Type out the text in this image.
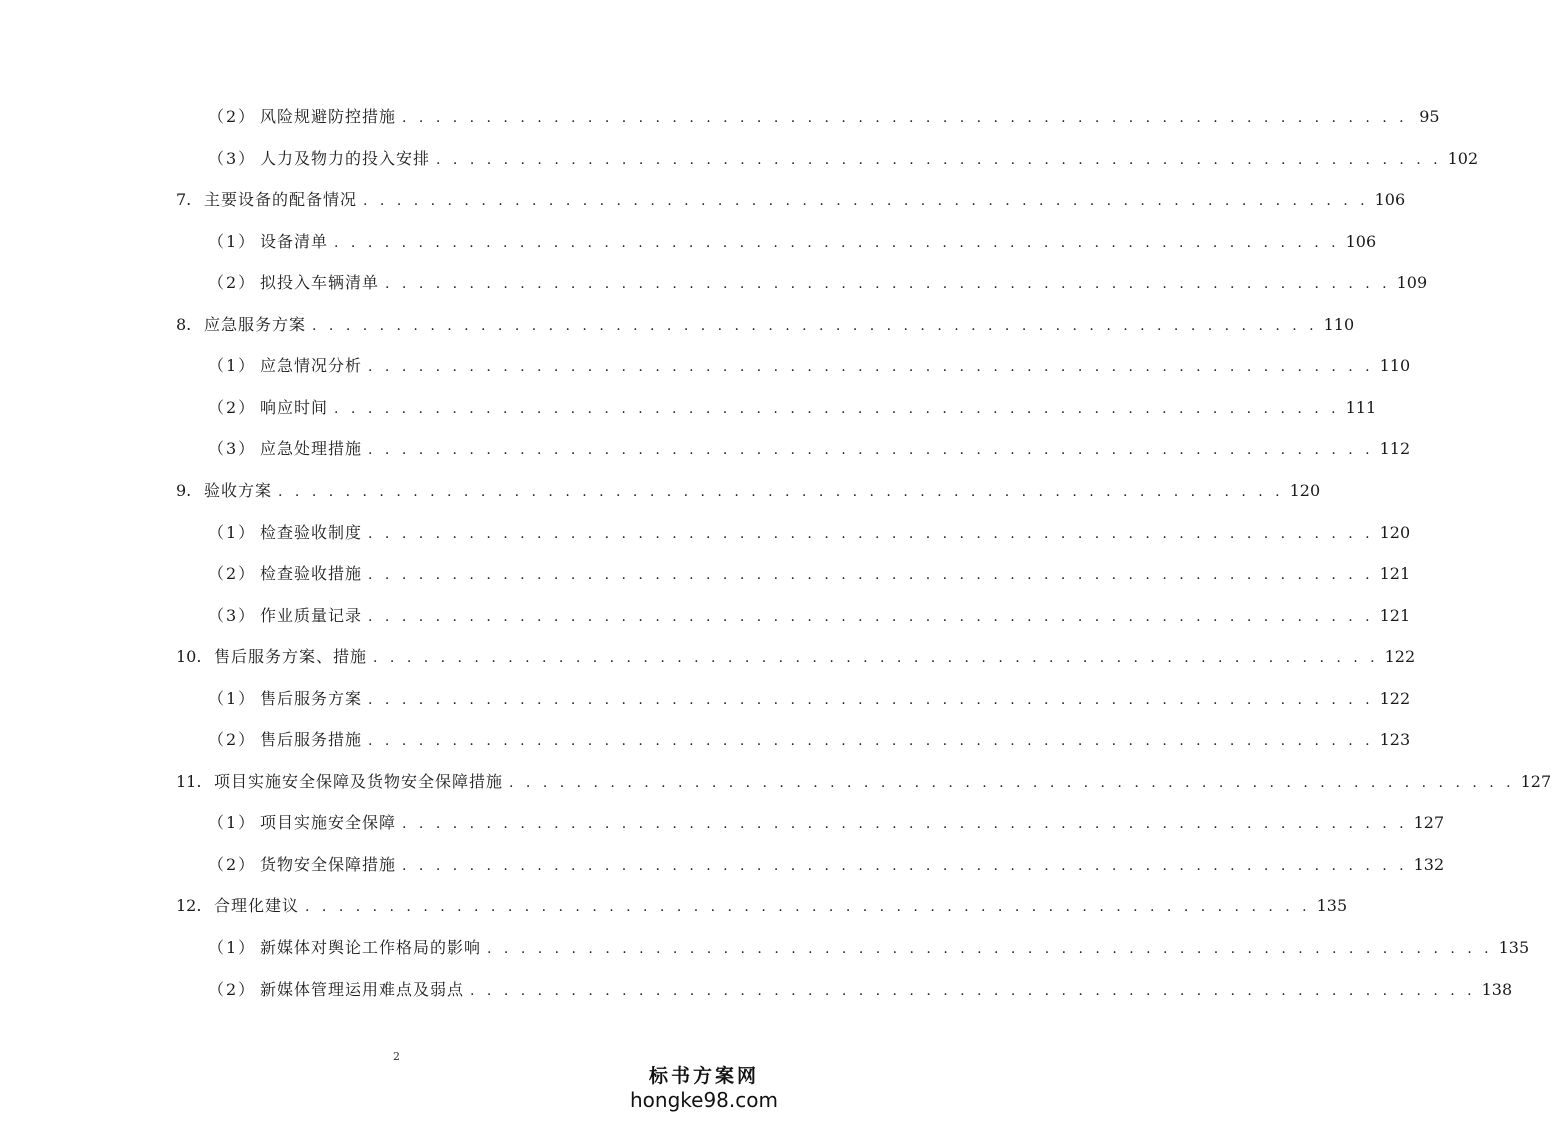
（2） 风险规避防控措施 . . . . . . . . . . . . . . . . . . . . . . . . . . . . . . . . . . . . . . . . . . . . . . . . . . . . . . . . . . . . 95
（3） 人力及物力的投入安排 . . . . . . . . . . . . . . . . . . . . . . . . . . . . . . . . . . . . . . . . . . . . . . . . . . . . . . . . . . . . 102
7. 主要设备的配备情况 . . . . . . . . . . . . . . . . . . . . . . . . . . . . . . . . . . . . . . . . . . . . . . . . . . . . . . . . . . . . 106
（1） 设备清单 . . . . . . . . . . . . . . . . . . . . . . . . . . . . . . . . . . . . . . . . . . . . . . . . . . . . . . . . . . . . 106
（2） 拟投入车辆清单 . . . . . . . . . . . . . . . . . . . . . . . . . . . . . . . . . . . . . . . . . . . . . . . . . . . . . . . . . . . . 109
8. 应急服务方案 . . . . . . . . . . . . . . . . . . . . . . . . . . . . . . . . . . . . . . . . . . . . . . . . . . . . . . . . . . . . 110
（1） 应急情况分析 . . . . . . . . . . . . . . . . . . . . . . . . . . . . . . . . . . . . . . . . . . . . . . . . . . . . . . . . . . . . 110
（2） 响应时间 . . . . . . . . . . . . . . . . . . . . . . . . . . . . . . . . . . . . . . . . . . . . . . . . . . . . . . . . . . . . 111
（3） 应急处理措施 . . . . . . . . . . . . . . . . . . . . . . . . . . . . . . . . . . . . . . . . . . . . . . . . . . . . . . . . . . . . 112
9. 验收方案 . . . . . . . . . . . . . . . . . . . . . . . . . . . . . . . . . . . . . . . . . . . . . . . . . . . . . . . . . . . . 120
（1） 检查验收制度 . . . . . . . . . . . . . . . . . . . . . . . . . . . . . . . . . . . . . . . . . . . . . . . . . . . . . . . . . . . . 120
（2） 检查验收措施 . . . . . . . . . . . . . . . . . . . . . . . . . . . . . . . . . . . . . . . . . . . . . . . . . . . . . . . . . . . . 121
（3） 作业质量记录 . . . . . . . . . . . . . . . . . . . . . . . . . . . . . . . . . . . . . . . . . . . . . . . . . . . . . . . . . . . . 121
10. 售后服务方案、措施 . . . . . . . . . . . . . . . . . . . . . . . . . . . . . . . . . . . . . . . . . . . . . . . . . . . . . . . . . . . . 122
（1） 售后服务方案 . . . . . . . . . . . . . . . . . . . . . . . . . . . . . . . . . . . . . . . . . . . . . . . . . . . . . . . . . . . . 122
（2） 售后服务措施 . . . . . . . . . . . . . . . . . . . . . . . . . . . . . . . . . . . . . . . . . . . . . . . . . . . . . . . . . . . . 123
11. 项目实施安全保障及货物安全保障措施 . . . . . . . . . . . . . . . . . . . . . . . . . . . . . . . . . . . . . . . . . . . . . . . . . . . . . . . . . . . . 127
（1） 项目实施安全保障 . . . . . . . . . . . . . . . . . . . . . . . . . . . . . . . . . . . . . . . . . . . . . . . . . . . . . . . . . . . . 127
（2） 货物安全保障措施 . . . . . . . . . . . . . . . . . . . . . . . . . . . . . . . . . . . . . . . . . . . . . . . . . . . . . . . . . . . . 132
12. 合理化建议 . . . . . . . . . . . . . . . . . . . . . . . . . . . . . . . . . . . . . . . . . . . . . . . . . . . . . . . . . . . . 135
（1） 新媒体对舆论工作格局的影响 . . . . . . . . . . . . . . . . . . . . . . . . . . . . . . . . . . . . . . . . . . . . . . . . . . . . . . . . . . . . 135
（2） 新媒体管理运用难点及弱点 . . . . . . . . . . . . . . . . . . . . . . . . . . . . . . . . . . . . . . . . . . . . . . . . . . . . . . . . . . . . 138
2
标书方案网
hongke98.com
